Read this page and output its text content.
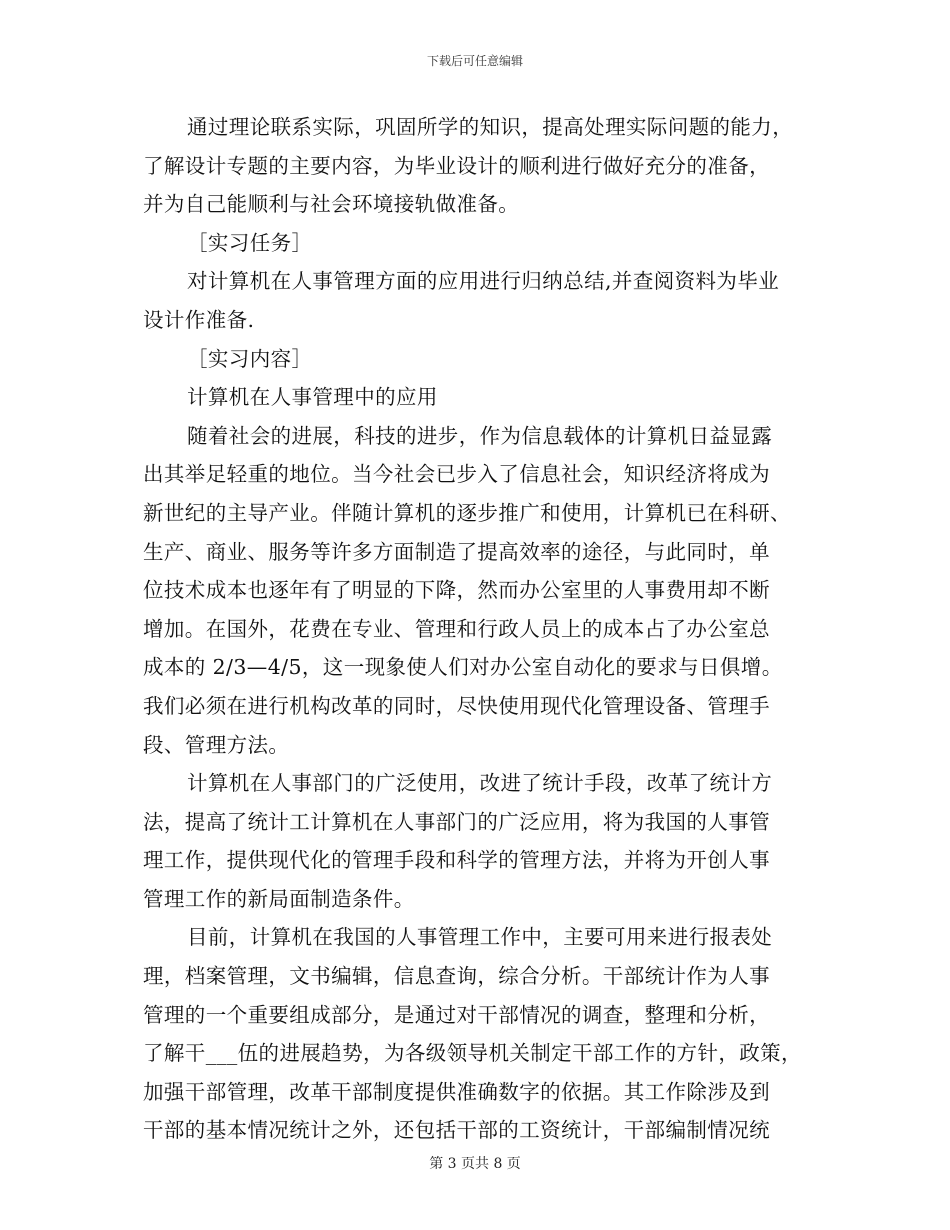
下载后可任意编辑
通过理论联系实际，巩固所学的知识，提高处理实际问题的能力，
了解设计专题的主要内容，为毕业设计的顺利进行做好充分的准备，
并为自己能顺利与社会环境接轨做准备。
［实习任务］
对计算机在人事管理方面的应用进行归纳总结,并查阅资料为毕业
设计作准备.
［实习内容］
计算机在人事管理中的应用
随着社会的进展，科技的进步，作为信息载体的计算机日益显露
出其举足轻重的地位。当今社会已步入了信息社会，知识经济将成为
新世纪的主导产业。伴随计算机的逐步推广和使用，计算机已在科研、
生产、商业、服务等许多方面制造了提高效率的途径，与此同时，单
位技术成本也逐年有了明显的下降，然而办公室里的人事费用却不断
增加。在国外，花费在专业、管理和行政人员上的成本占了办公室总
成本的 2/3—4/5，这一现象使人们对办公室自动化的要求与日俱增。
我们必须在进行机构改革的同时，尽快使用现代化管理设备、管理手
段、管理方法。
计算机在人事部门的广泛使用，改进了统计手段，改革了统计方
法，提高了统计工计算机在人事部门的广泛应用，将为我国的人事管
理工作，提供现代化的管理手段和科学的管理方法，并将为开创人事
管理工作的新局面制造条件。
目前，计算机在我国的人事管理工作中，主要可用来进行报表处
理，档案管理，文书编辑，信息查询，综合分析。干部统计作为人事
管理的一个重要组成部分，是通过对干部情况的调查，整理和分析，
了解干___伍的进展趋势，为各级领导机关制定干部工作的方针，政策，
加强干部管理，改革干部制度提供准确数字的依据。其工作除涉及到
干部的基本情况统计之外，还包括干部的工资统计，干部编制情况统
第 3 页共 8 页
